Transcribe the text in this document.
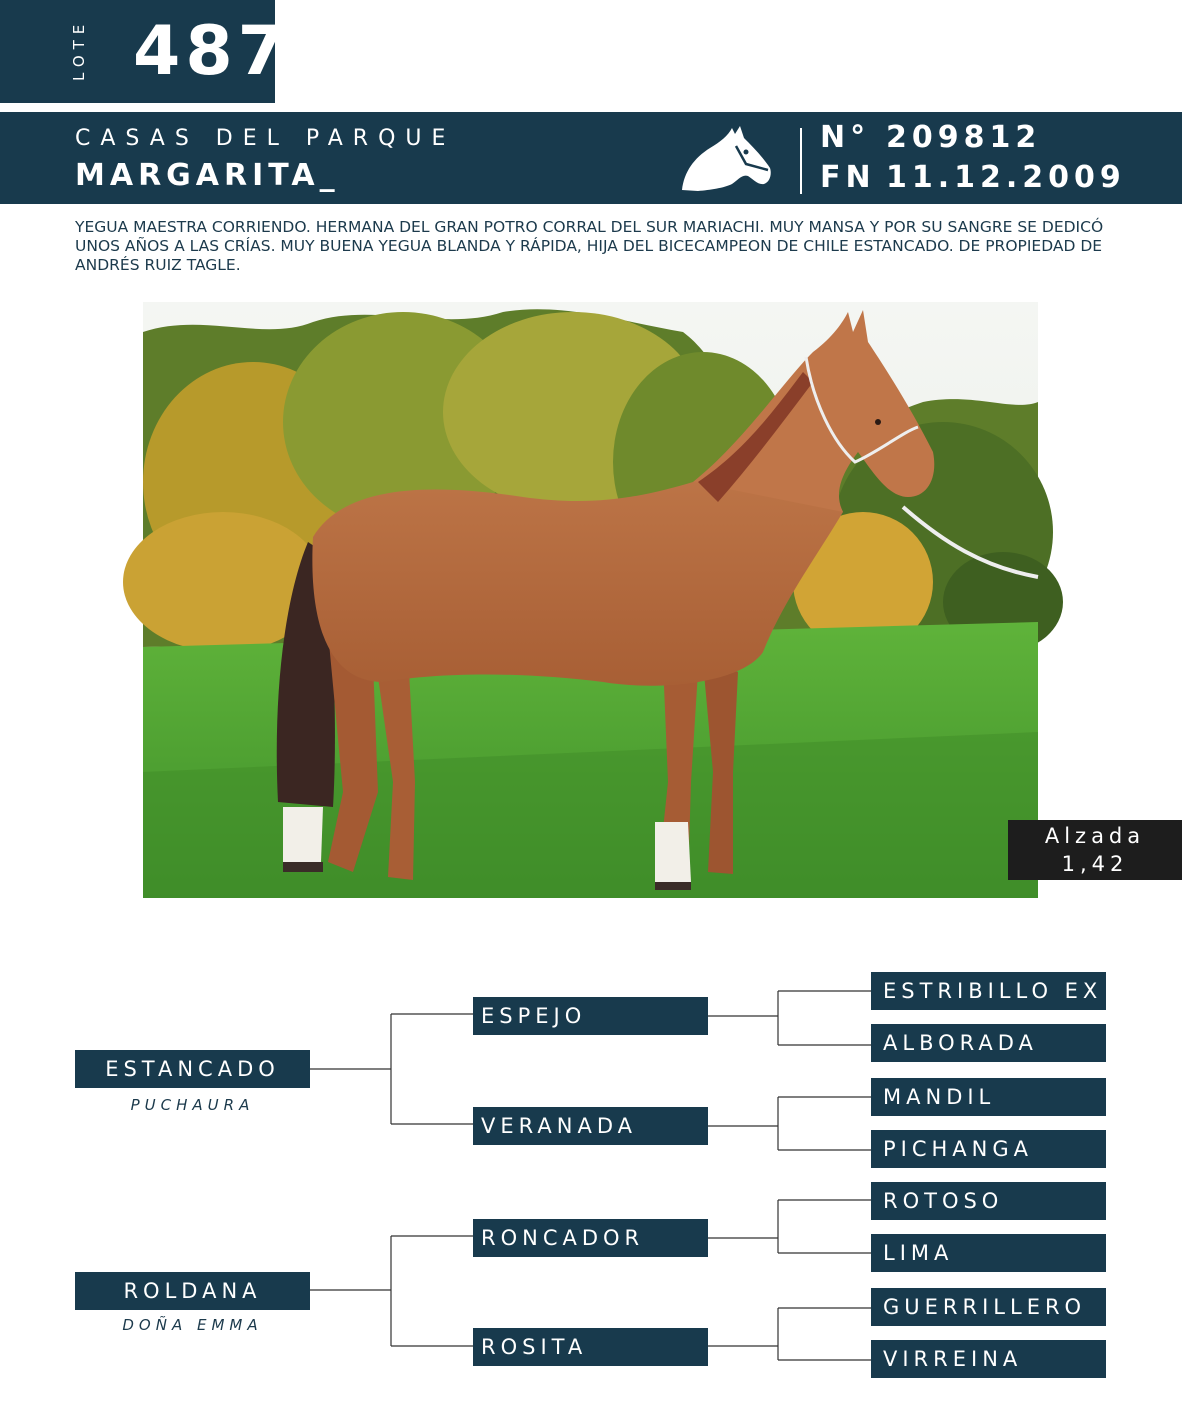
LOTE 487
CASAS DEL PARQUE
MARGARITA_
N° 209812
FN 11.12.2009

YEGUA MAESTRA CORRIENDO. HERMANA DEL GRAN POTRO CORRAL DEL SUR MARIACHI. MUY MANSA Y POR SU SANGRE SE DEDICÓ UNOS AÑOS A LAS CRÍAS. MUY BUENA YEGUA BLANDA Y RÁPIDA, HIJA DEL BICECAMPEON DE CHILE ESTANCADO. DE PROPIEDAD DE ANDRÉS RUIZ TAGLE.

Alzada
1,42
ESTANCADO
PUCHAURA
ROLDANA
DOÑA EMMA
ESPEJO
VERANADA
RONCADOR
ROSITA
ESTRIBILLO EX R
ALBORADA
MANDIL
PICHANGA
ROTOSO
LIMA
GUERRILLERO
VIRREINA
